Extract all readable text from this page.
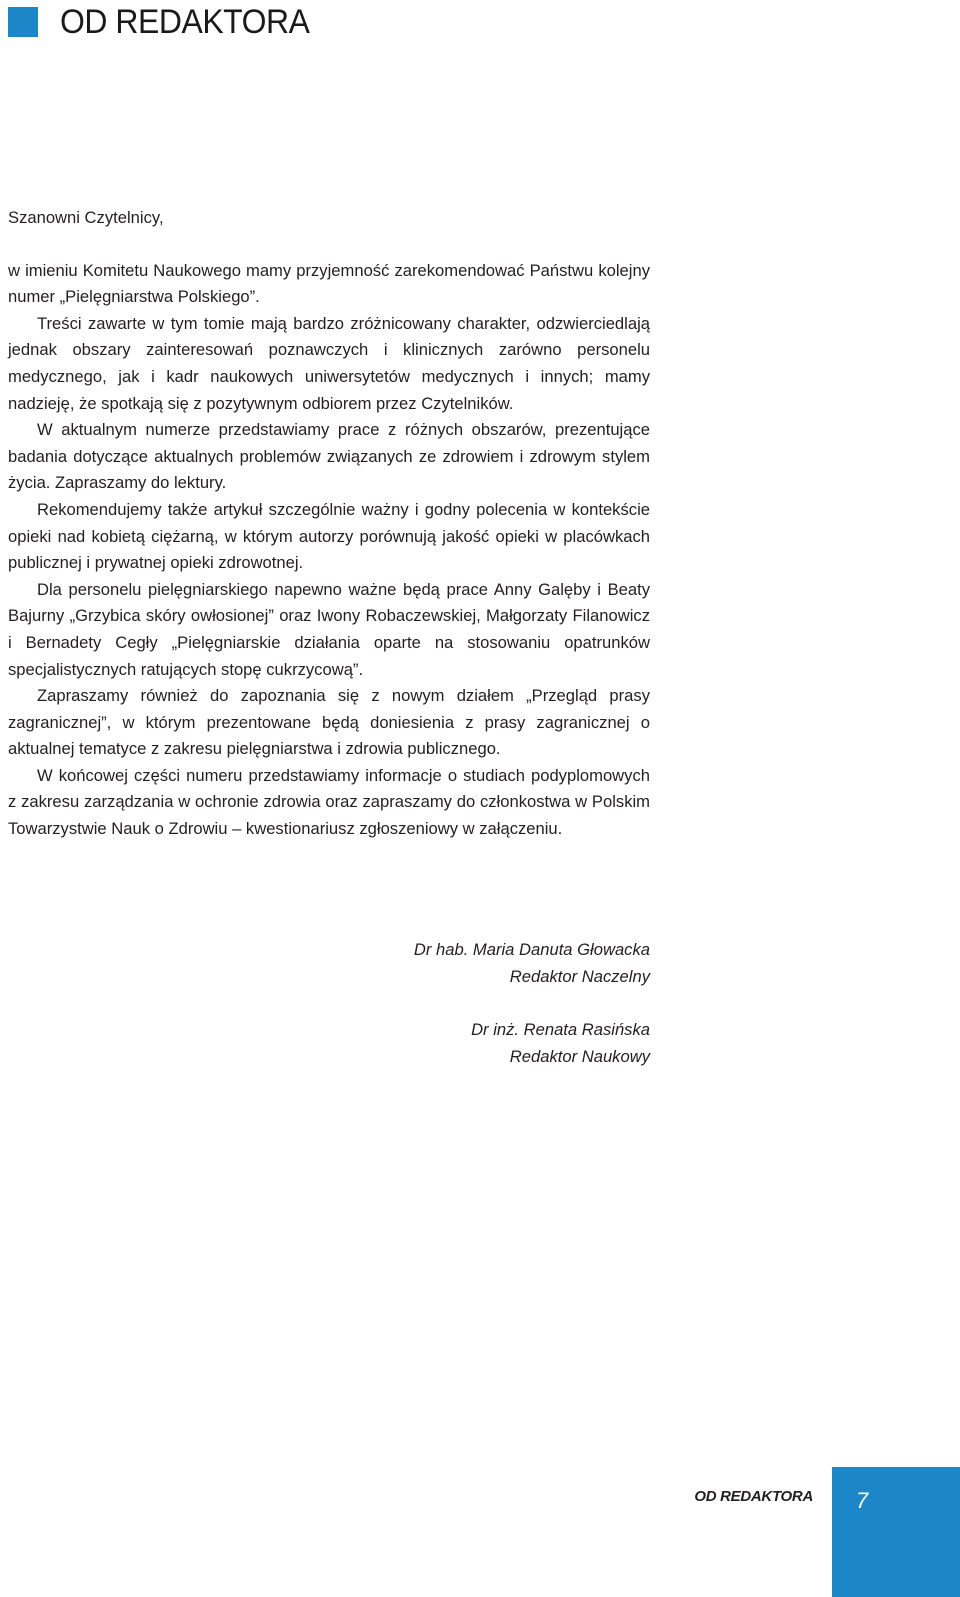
OD REDAKTORA

Szanowni Czytelnicy,

w imieniu Komitetu Naukowego mamy przyjemność zarekomendować Państwu kolejny numer „Pielęgniarstwa Polskiego”.

Treści zawarte w tym tomie mają bardzo zróżnicowany charakter, odzwierciedlają jednak obszary zainteresowań poznawczych i klinicznych zarówno personelu medycznego, jak i kadr naukowych uniwersytetów medycznych i innych; mamy nadzieję, że spotkają się z pozytywnym odbiorem przez Czytelników.

W aktualnym numerze przedstawiamy prace z różnych obszarów, prezentujące badania dotyczące aktualnych problemów związanych ze zdrowiem i zdrowym stylem życia. Zapraszamy do lektury.

Rekomendujemy także artykuł szczególnie ważny i godny polecenia w kontekście opieki nad kobietą ciężarną, w którym autorzy porównują jakość opieki w placówkach publicznej i prywatnej opieki zdrowotnej.

Dla personelu pielęgniarskiego napewno ważne będą prace Anny Galęby i Beaty Bajurny „Grzybica skóry owłosionej” oraz Iwony Robaczewskiej, Małgorzaty Filanowicz i Bernadety Cegły „Pielęgniarskie działania oparte na stosowaniu opatrunków specjalistycznych ratujących stopę cukrzycową”.

Zapraszamy również do zapoznania się z nowym działem „Przegląd prasy zagranicznej”, w którym prezentowane będą doniesienia z prasy zagranicznej o aktualnej tematyce z zakresu pielęgniarstwa i zdrowia publicznego.

W końcowej części numeru przedstawiamy informacje o studiach podyplomowych z zakresu zarządzania w ochronie zdrowia oraz zapraszamy do członkostwa w Polskim Towarzystwie Nauk o Zdrowiu – kwestionariusz zgłoszeniowy w załączeniu.

Dr hab. Maria Danuta Głowacka
Redaktor Naczelny
Dr inż. Renata Rasińska
Redaktor Naukowy
OD REDAKTORA 7
